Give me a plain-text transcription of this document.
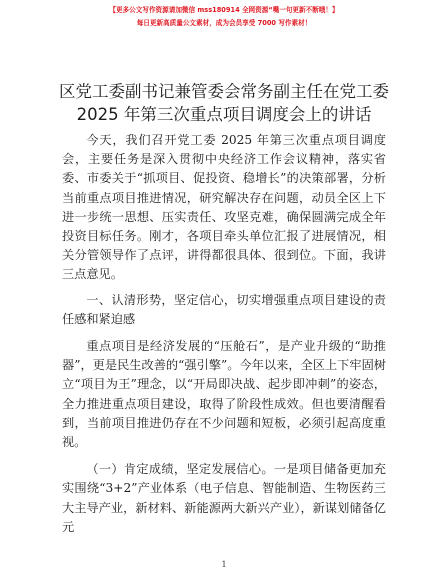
【更多公文写作资源请加微信 mss180914 全网资源“嘴一句更新不断哦！】
每日更新高质量公文素材，成为会员享受 7000 写作素材！
区党工委副书记兼管委会常务副主任在党工委
2025 年第三次重点项目调度会上的讲话

今天，我们召开党工委 2025 年第三次重点项目调度会，主要任务是深入贯彻中央经济工作会议精神，落实省委、市委关于“抓项目、促投资、稳增长”的决策部署，分析当前重点项目推进情况，研究解决存在问题，动员全区上下进一步统一思想、压实责任、攻坚克难，确保圆满完成全年投资目标任务。刚才，各项目牵头单位汇报了进展情况，相关分管领导作了点评，讲得都很具体、很到位。下面，我讲三点意见。

一、认清形势，坚定信心，切实增强重点项目建设的责任感和紧迫感

重点项目是经济发展的“压舱石”，是产业升级的“助推器”，更是民生改善的“强引擎”。今年以来，全区上下牢固树立“项目为王”理念，以“开局即决战、起步即冲刺”的姿态，全力推进重点项目建设，取得了阶段性成效。但也要清醒看到，当前项目推进仍存在不少问题和短板，必须引起高度重视。

（一）肯定成绩，坚定发展信心。一是项目储备更加充实围绕“3+2”产业体系（电子信息、智能制造、生物医药三大主导产业，新材料、新能源两大新兴产业），新谋划储备亿元

1
